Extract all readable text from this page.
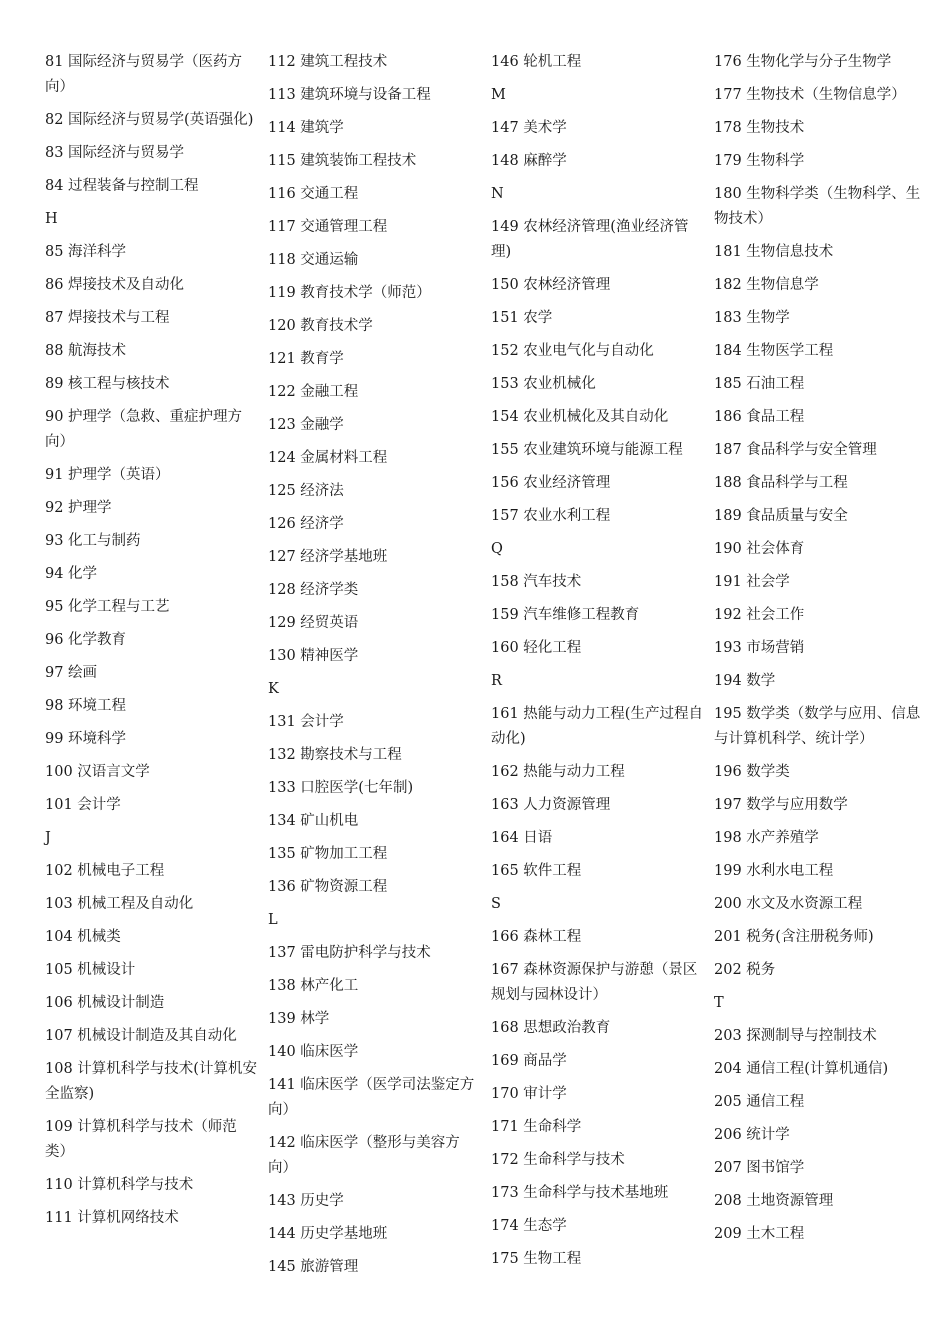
81 国际经济与贸易学（医药方向）
82 国际经济与贸易学(英语强化)
83 国际经济与贸易学
84 过程装备与控制工程
H
85 海洋科学
86 焊接技术及自动化
87 焊接技术与工程
88 航海技术
89 核工程与核技术
90 护理学（急救、重症护理方向）
91 护理学（英语）
92 护理学
93 化工与制药
94 化学
95 化学工程与工艺
96 化学教育
97 绘画
98 环境工程
99 环境科学
100 汉语言文学
101 会计学
J
102 机械电子工程
103 机械工程及自动化
104 机械类
105 机械设计
106 机械设计制造
107 机械设计制造及其自动化
108 计算机科学与技术(计算机安全监察)
109 计算机科学与技术（师范类）
110 计算机科学与技术
111 计算机网络技术
112 建筑工程技术
113 建筑环境与设备工程
114 建筑学
115 建筑装饰工程技术
116 交通工程
117 交通管理工程
118 交通运输
119 教育技术学（师范）
120 教育技术学
121 教育学
122 金融工程
123 金融学
124 金属材料工程
125 经济法
126 经济学
127 经济学基地班
128 经济学类
129 经贸英语
130 精神医学
K
131 会计学
132 勘察技术与工程
133 口腔医学(七年制)
134 矿山机电
135 矿物加工工程
136 矿物资源工程
L
137 雷电防护科学与技术
138 林产化工
139 林学
140 临床医学
141 临床医学（医学司法鉴定方向）
142 临床医学（整形与美容方向）
143 历史学
144 历史学基地班
145 旅游管理
146 轮机工程
M
147 美术学
148 麻醉学
N
149 农林经济管理(渔业经济管理)
150 农林经济管理
151 农学
152 农业电气化与自动化
153 农业机械化
154 农业机械化及其自动化
155 农业建筑环境与能源工程
156 农业经济管理
157 农业水利工程
Q
158 汽车技术
159 汽车维修工程教育
160 轻化工程
R
161 热能与动力工程(生产过程自动化)
162 热能与动力工程
163 人力资源管理
164 日语
165 软件工程
S
166 森林工程
167 森林资源保护与游憩（景区规划与园林设计）
168 思想政治教育
169 商品学
170 审计学
171 生命科学
172 生命科学与技术
173 生命科学与技术基地班
174 生态学
175 生物工程
176 生物化学与分子生物学
177 生物技术（生物信息学）
178 生物技术
179 生物科学
180 生物科学类（生物科学、生物技术）
181 生物信息技术
182 生物信息学
183 生物学
184 生物医学工程
185 石油工程
186 食品工程
187 食品科学与安全管理
188 食品科学与工程
189 食品质量与安全
190 社会体育
191 社会学
192 社会工作
193 市场营销
194 数学
195 数学类（数学与应用、信息与计算机科学、统计学）
196 数学类
197 数学与应用数学
198 水产养殖学
199 水利水电工程
200 水文及水资源工程
201 税务(含注册税务师)
202 税务
T
203 探测制导与控制技术
204 通信工程(计算机通信)
205 通信工程
206 统计学
207 图书馆学
208 土地资源管理
209 土木工程
